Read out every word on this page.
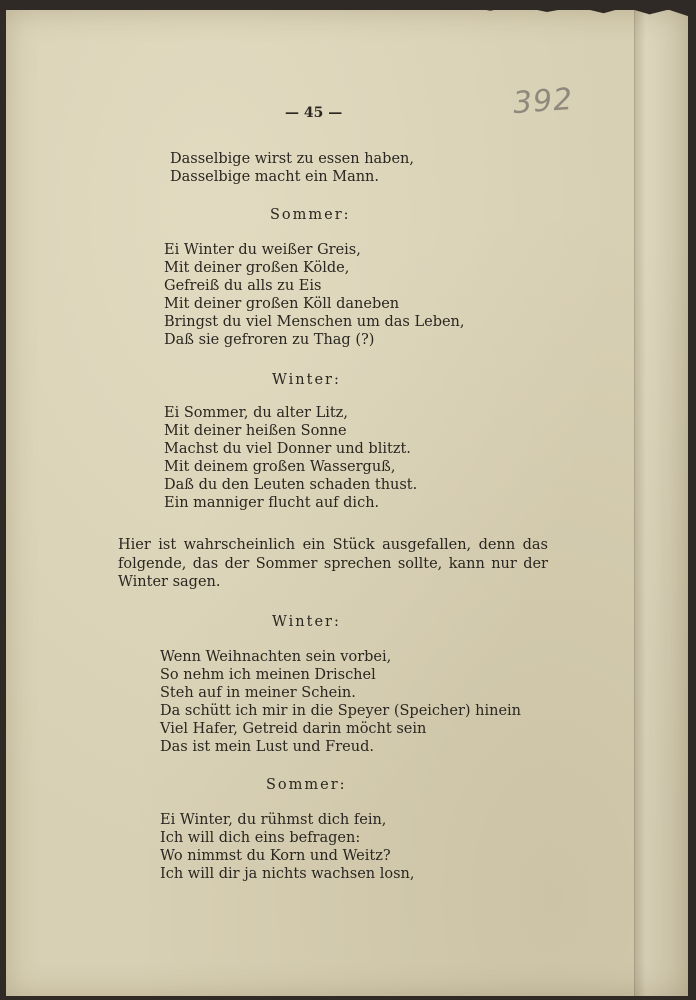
392
— 45 —
Dasselbige wirst zu essen haben,
Dasselbige macht ein Mann.
Sommer:
Ei Winter du weißer Greis,
Mit deiner großen Kölde,
Gefreiß du alls zu Eis
Mit deiner großen Köll daneben
Bringst du viel Menschen um das Leben,
Daß sie gefroren zu Thag (?)
Winter:
Ei Sommer, du alter Litz,
Mit deiner heißen Sonne
Machst du viel Donner und blitzt.
Mit deinem großen Wasserguß,
Daß du den Leuten schaden thust.
Ein manniger flucht auf dich.
Hier ist wahrscheinlich ein Stück ausgefallen, denn das folgende, das der Sommer sprechen sollte, kann nur der Winter sagen.
Winter:
Wenn Weihnachten sein vorbei,
So nehm ich meinen Drischel
Steh auf in meiner Schein.
Da schütt ich mir in die Speyer (Speicher) hinein
Viel Hafer, Getreid darin möcht sein
Das ist mein Lust und Freud.
Sommer:
Ei Winter, du rühmst dich fein,
Ich will dich eins befragen:
Wo nimmst du Korn und Weitz?
Ich will dir ja nichts wachsen losn,
